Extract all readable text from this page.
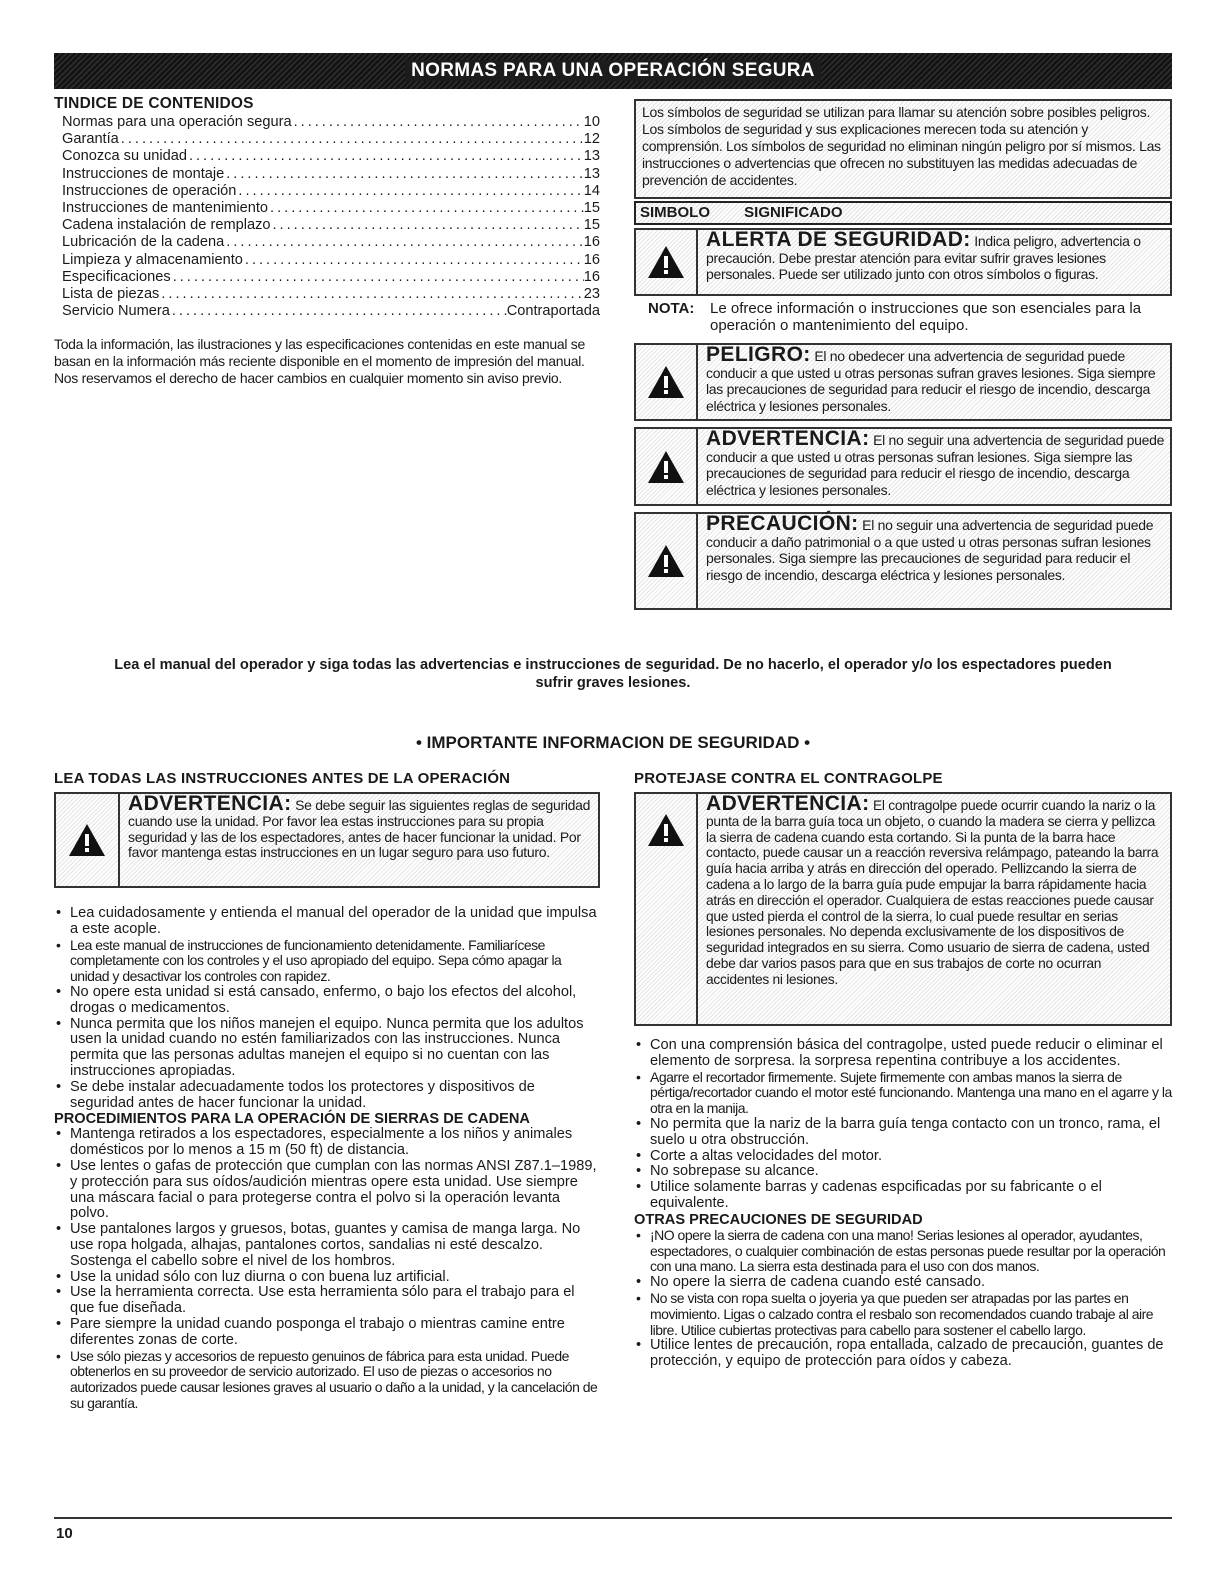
NORMAS PARA UNA OPERACIÓN SEGURA
TINDICE DE CONTENIDOS
Normas para una operación segura .....	10
Garantía .....	12
Conozca su unidad .....	13
Instrucciones de montaje .....	13
Instrucciones de operación .....	14
Instrucciones de mantenimiento .....	15
Cadena instalación de remplazo .....	15
Lubricación de la cadena .....	16
Limpieza y almacenamiento .....	16
Especificaciones .....	16
Lista de piezas .....	23
Servicio Numera .....	Contraportada
Toda la información, las ilustraciones y las especificaciones contenidas en este manual se basan en la información más reciente disponible en el momento de impresión del manual. Nos reservamos el derecho de hacer cambios en cualquier momento sin aviso previo.
Los símbolos de seguridad se utilizan para llamar su atención sobre posibles peligros. Los símbolos de seguridad y sus explicaciones merecen toda su atención y comprensión. Los símbolos de seguridad no eliminan ningún peligro por sí mismos. Las instrucciones o advertencias que ofrecen no substituyen las medidas adecuadas de prevención de accidentes.
SIMBOLO SIGNIFICADO
ALERTA DE SEGURIDAD: Indica peligro, advertencia o precaución. Debe prestar atención para evitar sufrir graves lesiones personales. Puede ser utilizado junto con otros símbolos o figuras.
NOTA:	Le ofrece información o instrucciones que son esenciales para la operación o mantenimiento del equipo.
PELIGRO: El no obedecer una advertencia de seguridad puede conducir a que usted u otras personas sufran graves lesiones. Siga siempre las precauciones de seguridad para reducir el riesgo de incendio, descarga eléctrica y lesiones personales.
ADVERTENCIA: El no seguir una advertencia de seguridad puede conducir a que usted u otras personas sufran lesiones. Siga siempre las precauciones de seguridad para reducir el riesgo de incendio, descarga eléctrica y lesiones personales.
PRECAUCIÓN: El no seguir una advertencia de seguridad puede conducir a daño patrimonial o a que usted u otras personas sufran lesiones personales. Siga siempre las precauciones de seguridad para reducir el riesgo de incendio, descarga eléctrica y lesiones personales.
Lea el manual del operador y siga todas las advertencias e instrucciones de seguridad. De no hacerlo, el operador y/o los espectadores pueden sufrir graves lesiones.
• IMPORTANTE INFORMACION DE SEGURIDAD •
LEA TODAS LAS INSTRUCCIONES ANTES DE LA OPERACIÓN
ADVERTENCIA: Se debe seguir las siguientes reglas de seguridad cuando use la unidad. Por favor lea estas instrucciones para su propia seguridad y las de los espectadores, antes de hacer funcionar la unidad. Por favor mantenga estas instrucciones en un lugar seguro para uso futuro.
• Lea cuidadosamente y entienda el manual del operador de la unidad que impulsa a este acople.
• Lea este manual de instrucciones de funcionamiento detenidamente. Familiarícese completamente con los controles y el uso apropiado del equipo. Sepa cómo apagar la unidad y desactivar los controles con rapidez.
• No opere esta unidad si está cansado, enfermo, o bajo los efectos del alcohol, drogas o medicamentos.
• Nunca permita que los niños manejen el equipo. Nunca permita que los adultos usen la unidad cuando no estén familiarizados con las instrucciones. Nunca permita que las personas adultas manejen el equipo si no cuentan con las instrucciones apropiadas.
• Se debe instalar adecuadamente todos los protectores y dispositivos de seguridad antes de hacer funcionar la unidad.
PROCEDIMIENTOS PARA LA OPERACIÓN DE SIERRAS DE CADENA
• Mantenga retirados a los espectadores, especialmente a los niños y animales domésticos por lo menos a 15 m (50 ft) de distancia.
• Use lentes o gafas de protección que cumplan con las normas ANSI Z87.1–1989, y protección para sus oídos/audición mientras opere esta unidad. Use siempre una máscara facial o para protegerse contra el polvo si la operación levanta polvo.
• Use pantalones largos y gruesos, botas, guantes y camisa de manga larga. No use ropa holgada, alhajas, pantalones cortos, sandalias ni esté descalzo. Sostenga el cabello sobre el nivel de los hombros.
• Use la unidad sólo con luz diurna o con buena luz artificial.
• Use la herramienta correcta. Use esta herramienta sólo para el trabajo para el que fue diseñada.
• Pare siempre la unidad cuando posponga el trabajo o mientras camine entre diferentes zonas de corte.
• Use sólo piezas y accesorios de repuesto genuinos de fábrica para esta unidad. Puede obtenerlos en su proveedor de servicio autorizado. El uso de piezas o accesorios no autorizados puede causar lesiones graves al usuario o daño a la unidad, y la cancelación de su garantía.
PROTEJASE CONTRA EL CONTRAGOLPE
ADVERTENCIA: El contragolpe puede ocurrir cuando la nariz o la punta de la barra guía toca un objeto, o cuando la madera se cierra y pellizca la sierra de cadena cuando esta cortando. Si la punta de la barra hace contacto, puede causar un a reacción reversiva relámpago, pateando la barra guía hacia arriba y atrás en dirección del operado. Pellizcando la sierra de cadena a lo largo de la barra guía pude empujar la barra rápidamente hacia atrás en dirección el operador. Cualquiera de estas reacciones puede causar que usted pierda el control de la sierra, lo cual puede resultar en serias lesiones personales. No dependa exclusivamente de los dispositivos de seguridad integrados en su sierra. Como usuario de sierra de cadena, usted debe dar varios pasos para que en sus trabajos de corte no ocurran accidentes ni lesiones.
• Con una comprensión básica del contragolpe, usted puede reducir o eliminar el elemento de sorpresa. la sorpresa repentina contribuye a los accidentes.
• Agarre el recortador firmemente. Sujete firmemente con ambas manos la sierra de pértiga/recortador cuando el motor esté funcionando. Mantenga una mano en el agarre y la otra en la manija.
• No permita que la nariz de la barra guía tenga contacto con un tronco, rama, el suelo u otra obstrucción.
• Corte a altas velocidades del motor.
• No sobrepase su alcance.
• Utilice solamente barras y cadenas espcificadas por su fabricante o el equivalente.
OTRAS PRECAUCIONES DE SEGURIDAD
• ¡NO opere la sierra de cadena con una mano! Serias lesiones al operador, ayudantes, espectadores, o cualquier combinación de estas personas puede resultar por la operación con una mano. La sierra esta destinada para el uso con dos manos.
• No opere la sierra de cadena cuando esté cansado.
• No se vista con ropa suelta o joyeria ya que pueden ser atrapadas por las partes en movimiento. Ligas o calzado contra el resbalo son recomendados cuando trabaje al aire libre. Utilice cubiertas protectivas para cabello para sostener el cabello largo.
• Utilice lentes de precaución, ropa entallada, calzado de precaución, guantes de protección, y equipo de protección para oídos y cabeza.
10
